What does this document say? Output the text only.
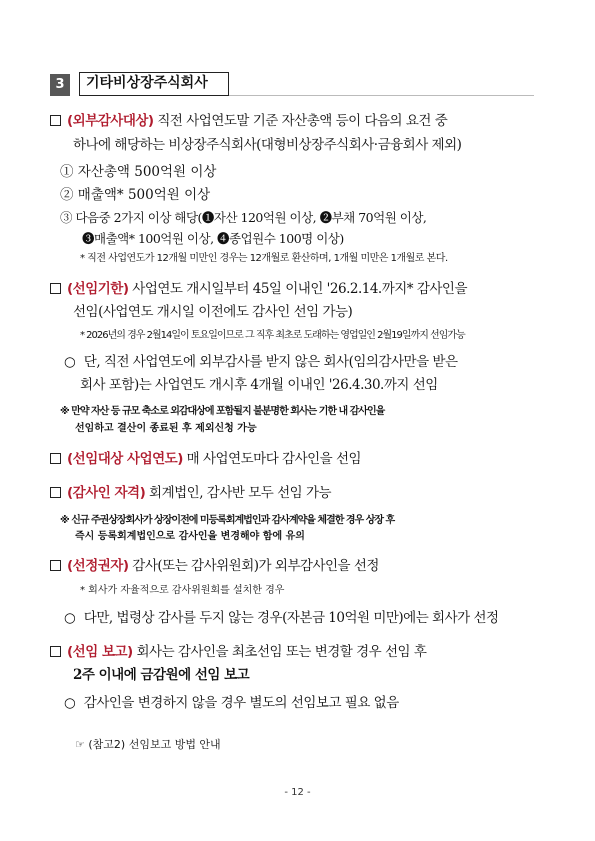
3	기타비상장주식회사
(외부감사대상) 직전 사업연도말 기준 자산총액 등이 다음의 요건 중
하나에 해당하는 비상장주식회사(대형비상장주식회사·금융회사 제외)
① 자산총액 500억원 이상
② 매출액* 500억원 이상
③ 다음중 2가지 이상 해당(❶자산 120억원 이상, ❷부채 70억원 이상,
❸매출액* 100억원 이상, ❹종업원수 100명 이상)
* 직전 사업연도가 12개월 미만인 경우는 12개월로 환산하며, 1개월 미만은 1개월로 본다.
(선임기한) 사업연도 개시일부터 45일 이내인 '26.2.14.까지* 감사인을
선임(사업연도 개시일 이전에도 감사인 선임 가능)
* 2026년의 경우 2월14일이 토요일이므로 그 직후 최초로 도래하는 영업일인 2월19일까지 선임가능
○ 단, 직전 사업연도에 외부감사를 받지 않은 회사(임의감사만을 받은
회사 포함)는 사업연도 개시후 4개월 이내인 '26.4.30.까지 선임
※ 만약 자산 등 규모 축소로 외감대상에 포함될지 불분명한 회사는 기한 내 감사인을
선임하고 결산이 종료된 후 제외신청 가능
(선임대상 사업연도) 매 사업연도마다 감사인을 선임
(감사인 자격) 회계법인, 감사반 모두 선임 가능
※ 신규 주권상장회사가 상장이전에 미등록회계법인과 감사계약을 체결한 경우 상장 후
즉시 등록회계법인으로 감사인을 변경해야 함에 유의
(선정권자) 감사(또는 감사위원회)가 외부감사인을 선정
* 회사가 자율적으로 감사위원회를 설치한 경우
○ 다만, 법령상 감사를 두지 않는 경우(자본금 10억원 미만)에는 회사가 선정
(선임 보고) 회사는 감사인을 최초선임 또는 변경할 경우 선임 후
2주 이내에 금감원에 선임 보고
○ 감사인을 변경하지 않을 경우 별도의 선임보고 필요 없음
☞ (참고2) 선임보고 방법 안내
- 12 -
